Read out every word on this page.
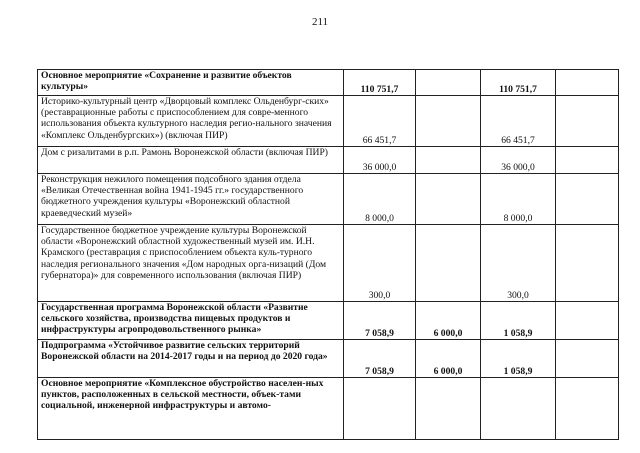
211
Основное мероприятие «Сохранение и развитие объектов культуры»	110 751,7		110 751,7	
Историко-культурный центр «Дворцовый комплекс Ольденбург-ских» (реставрационные работы с приспособлением для совре-менного использования объекта культурного наследия регио-нального значения «Комплекс Ольденбургских») (включая ПИР)	66 451,7		66 451,7	
Дом с ризалитами в р.п. Рамонь Воронежской области (включая ПИР)	36 000,0		36 000,0	
Реконструкция нежилого помещения подсобного здания отдела «Великая Отечественная война 1941-1945 гг.» государственного бюджетного учреждения культуры «Воронежский областной краеведческий музей»	8 000,0		8 000,0	
Государственное бюджетное учреждение культуры Воронежской области «Воронежский областной художественный музей им. И.Н. Крамского (реставрация с приспособлением объекта куль-турного наследия регионального значения «Дом народных орга-низаций (Дом губернатора)» для современного использования (включая ПИР)	300,0		300,0	
Государственная программа Воронежской области «Развитие сельского хозяйства, производства пищевых продуктов и инфраструктуры агропродовольственного рынка»	7 058,9	6 000,0	1 058,9	
Подпрограмма «Устойчивое развитие сельских территорий Воронежской области на 2014-2017 годы и на период до 2020 года»	7 058,9	6 000,0	1 058,9	
Основное мероприятие «Комплексное обустройство населен-ных пунктов, расположенных в сельской местности, объек-тами социальной, инженерной инфраструктуры и автомо-				
